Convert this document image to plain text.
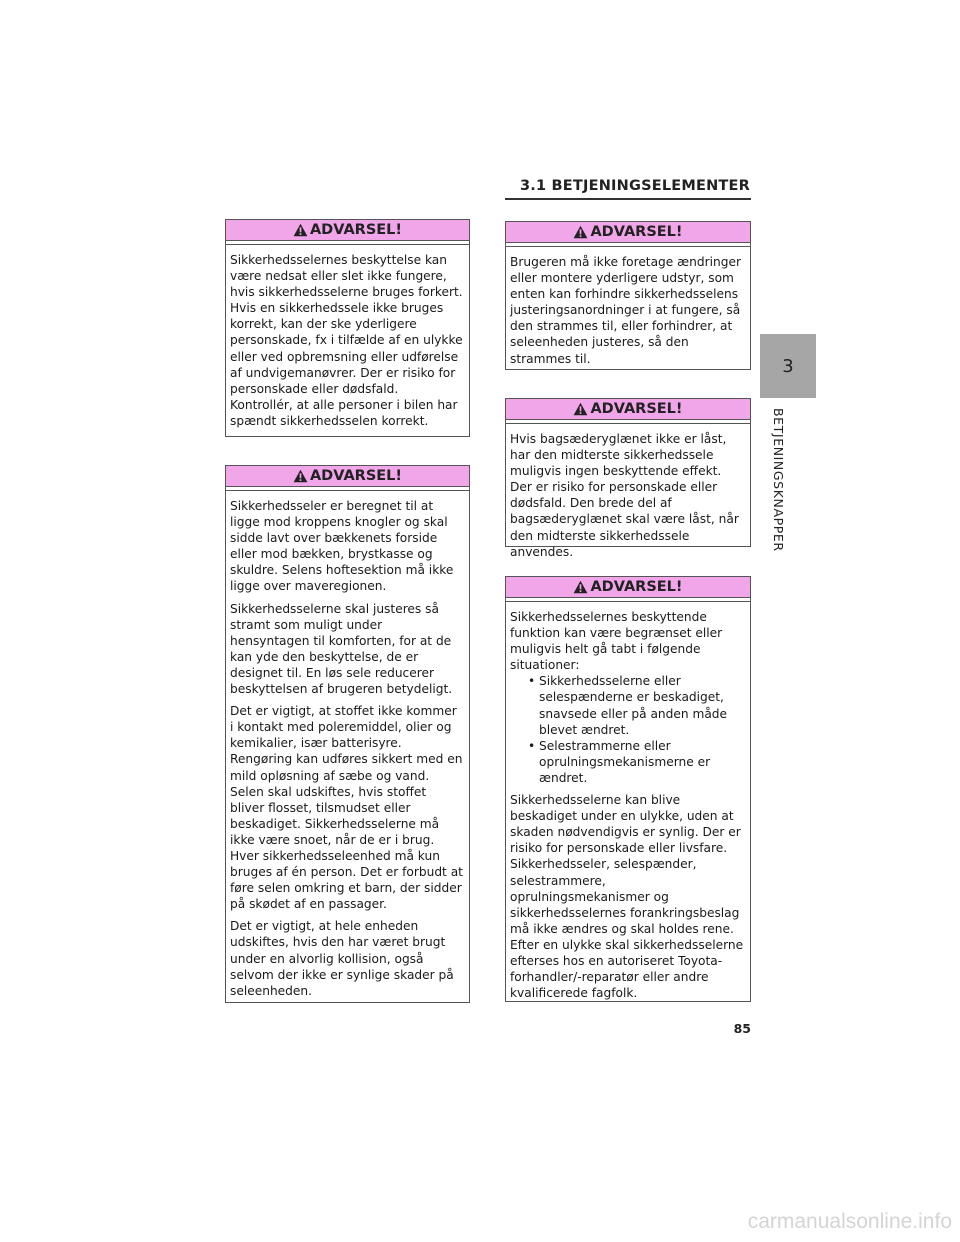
3.1 BETJENINGSELEMENTER
ADVARSEL!

Sikkerhedsselernes beskyttelse kan være nedsat eller slet ikke fungere, hvis sikkerhedsselerne bruges forkert. Hvis en sikkerhedssele ikke bruges korrekt, kan der ske yderligere personskade, fx i tilfælde af en ulykke eller ved opbremsning eller udførelse af undvigemanøvrer. Der er risiko for personskade eller dødsfald. Kontrollér, at alle personer i bilen har spændt sikkerhedsselen korrekt.

ADVARSEL!

Sikkerhedsseler er beregnet til at ligge mod kroppens knogler og skal sidde lavt over bækkenets forside eller mod bækken, brystkasse og skuldre. Selens hoftesektion må ikke ligge over maveregionen.

Sikkerhedsselerne skal justeres så stramt som muligt under hensyntagen til komforten, for at de kan yde den beskyttelse, de er designet til. En løs sele reducerer beskyttelsen af brugeren betydeligt.

Det er vigtigt, at stoffet ikke kommer i kontakt med poleremiddel, olier og kemikalier, især batterisyre. Rengøring kan udføres sikkert med en mild opløsning af sæbe og vand. Selen skal udskiftes, hvis stoffet bliver flosset, tilsmudset eller beskadiget. Sikkerhedsselerne må ikke være snoet, når de er i brug. Hver sikkerhedsseleenhed må kun bruges af én person. Det er forbudt at føre selen omkring et barn, der sidder på skødet af en passager.

Det er vigtigt, at hele enheden udskiftes, hvis den har været brugt under en alvorlig kollision, også selvom der ikke er synlige skader på seleenheden.

ADVARSEL!

Brugeren må ikke foretage ændringer eller montere yderligere udstyr, som enten kan forhindre sikkerhedsselens justeringsanordninger i at fungere, så den strammes til, eller forhindrer, at seleenheden justeres, så den strammes til.

ADVARSEL!

Hvis bagsæderyglænet ikke er låst, har den midterste sikkerhedssele muligvis ingen beskyttende effekt. Der er risiko for personskade eller dødsfald. Den brede del af bagsæderyglænet skal være låst, når den midterste sikkerhedssele anvendes.

ADVARSEL!

Sikkerhedsselernes beskyttende funktion kan være begrænset eller muligvis helt gå tabt i følgende situationer:

• Sikkerhedsselerne eller selespænderne er beskadiget, snavsede eller på anden måde blevet ændret.
• Selestrammerne eller oprulningsmekanismerne er ændret.

Sikkerhedsselerne kan blive beskadiget under en ulykke, uden at skaden nødvendigvis er synlig. Der er risiko for personskade eller livsfare. Sikkerhedsseler, selespænder, selestrammere, oprulningsmekanismer og sikkerhedsselernes forankringsbeslag må ikke ændres og skal holdes rene. Efter en ulykke skal sikkerhedsselerne efterses hos en autoriseret Toyota-forhandler/-reparatør eller andre kvalificerede fagfolk.

3
BETJENINGSKNAPPER
85
carmanualsonline.info
